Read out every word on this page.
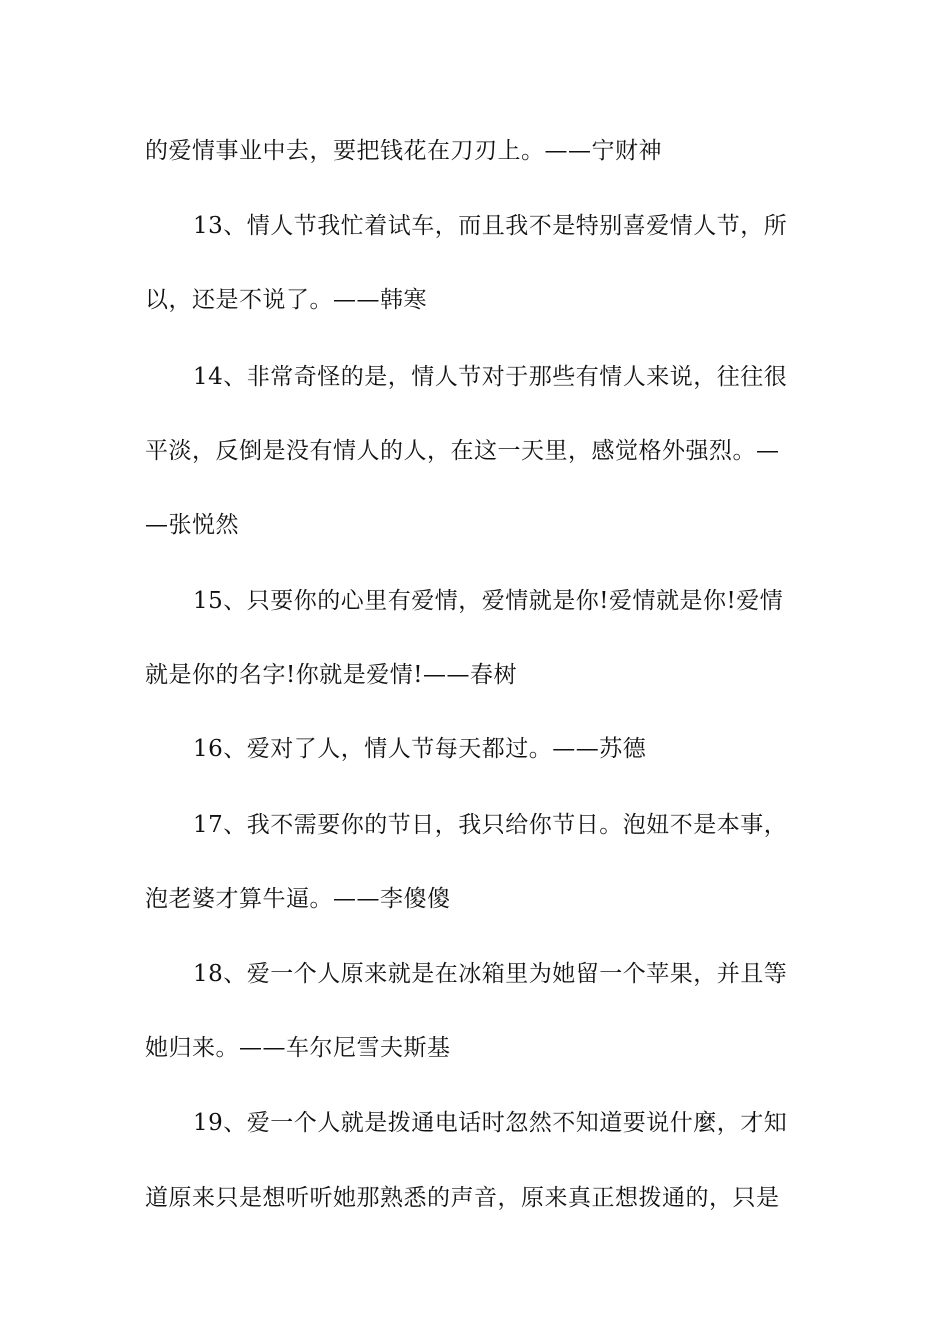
的爱情事业中去，要把钱花在刀刃上。——宁财神
13、情人节我忙着试车，而且我不是特别喜爱情人节，所
以，还是不说了。——韩寒
14、非常奇怪的是，情人节对于那些有情人来说，往往很
平淡，反倒是没有情人的人，在这一天里，感觉格外强烈。—
—张悦然
15、只要你的心里有爱情，爱情就是你!爱情就是你!爱情
就是你的名字!你就是爱情!——春树
16、爱对了人，情人节每天都过。——苏德
17、我不需要你的节日，我只给你节日。泡妞不是本事，
泡老婆才算牛逼。——李傻傻
18、爱一个人原来就是在冰箱里为她留一个苹果，并且等
她归来。——车尔尼雪夫斯基
19、爱一个人就是拨通电话时忽然不知道要说什麼，才知
道原来只是想听听她那熟悉的声音，原来真正想拨通的，只是
